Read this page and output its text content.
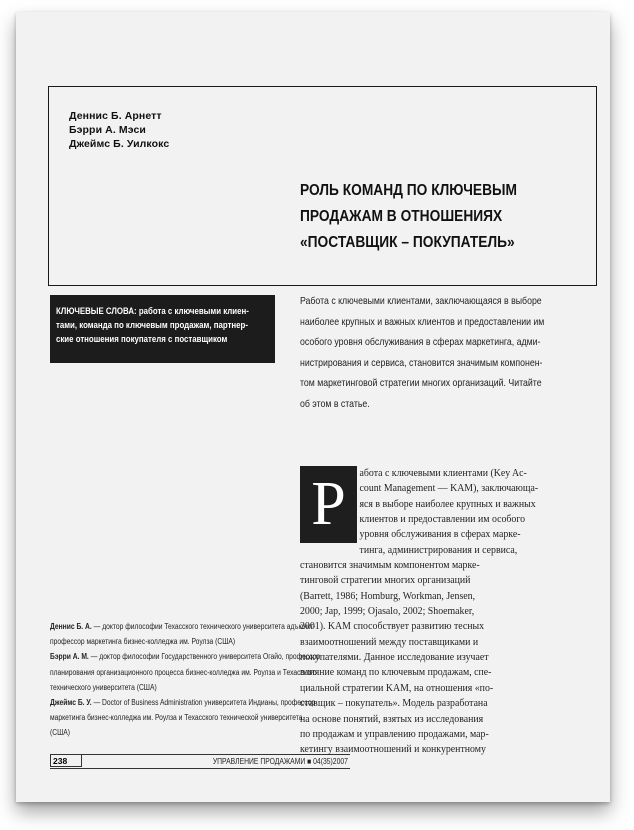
Деннис Б. Арнетт
Бэрри А. Мэси
Джеймс Б. Уилкокс
РОЛЬ КОМАНД ПО КЛЮЧЕВЫМ
ПРОДАЖАМ В ОТНОШЕНИЯХ
«ПОСТАВЩИК – ПОКУПАТЕЛЬ»
КЛЮЧЕВЫЕ СЛОВА: работа с ключевыми клиен-
тами, команда по ключевым продажам, партнер-
ские отношения покупателя с поставщиком
Работа с ключевыми клиентами, заключающаяся в выборе
наиболее крупных и важных клиентов и предоставлении им
особого уровня обслуживания в сферах маркетинга, адми-
нистрирования и сервиса, становится значимым компонен-
том маркетинговой стратегии многих организаций. Читайте
об этом в статье.
Р	абота с ключевыми клиентами (Key Ac-
count Management — KAM), заключающа-
яся в выборе наиболее крупных и важных
клиентов и предоставлении им особого
уровня обслуживания в сферах марке-
тинга, администрирования и сервиса,
становится значимым компонентом марке-
тинговой стратегии многих организаций
(Barrett, 1986; Homburg, Workman, Jensen,
2000; Jap, 1999; Ojasalo, 2002; Shoemaker,
2001). KAM способствует развитию тесных
взаимоотношений между поставщиками и
покупателями. Данное исследование изучает
влияние команд по ключевым продажам, спе-
циальной стратегии KAM, на отношения «по-
ставщик – покупатель». Модель разработана
на основе понятий, взятых из исследования
по продажам и управлению продажами, мар-
кетингу взаимоотношений и конкурентному
Деннис Б. А. — доктор философии Техасского технического университета адъюнкт-
профессор маркетинга бизнес-колледжа им. Роулза (США)
Бэрри А. М. — доктор философии Государственного университета Огайо, профессор
планирования организационного процесса бизнес-колледжа им. Роулза и Техасского
технического университета (США)
Джеймс Б. У. — Doctor of Business Administration университета Индианы, профессор
маркетинга бизнес-колледжа им. Роулза и Техасского технической университета
(США)
238	УПРАВЛЕНИЕ ПРОДАЖАМИ ■ 04(35)2007
